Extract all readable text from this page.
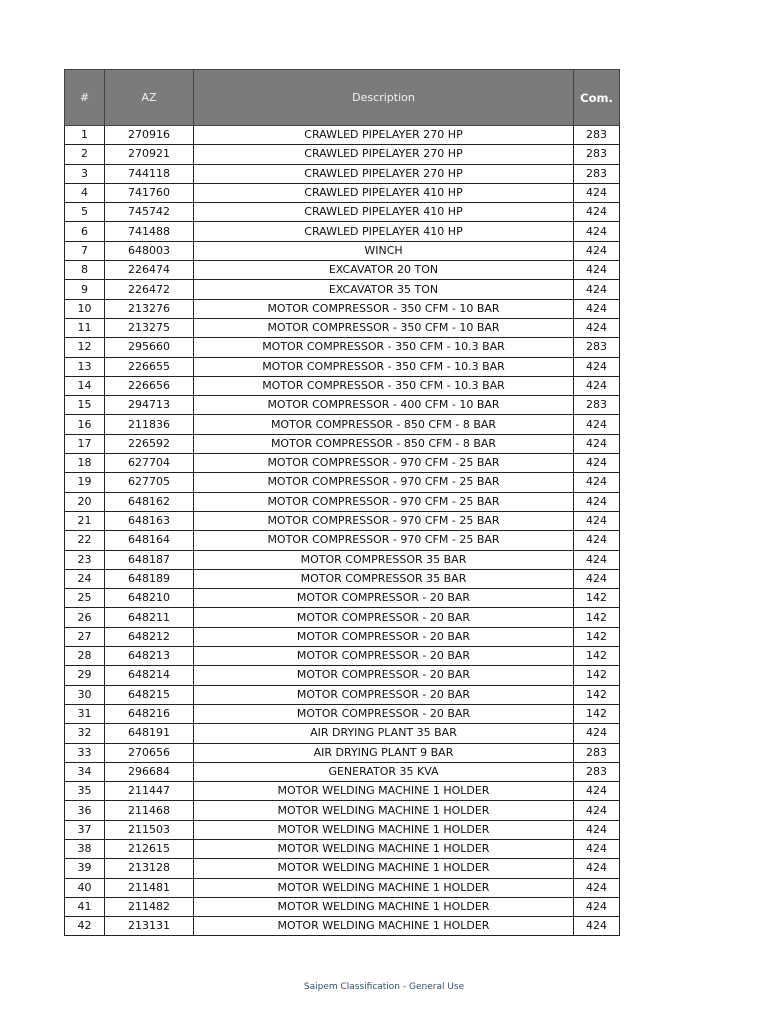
#	AZ	Description	Com.
1	270916	CRAWLED PIPELAYER 270 HP	283
2	270921	CRAWLED PIPELAYER 270 HP	283
3	744118	CRAWLED PIPELAYER 270 HP	283
4	741760	CRAWLED PIPELAYER 410 HP	424
5	745742	CRAWLED PIPELAYER 410 HP	424
6	741488	CRAWLED PIPELAYER 410 HP	424
7	648003	WINCH	424
8	226474	EXCAVATOR 20 TON	424
9	226472	EXCAVATOR 35 TON	424
10	213276	MOTOR COMPRESSOR - 350 CFM - 10 BAR	424
11	213275	MOTOR COMPRESSOR - 350 CFM - 10 BAR	424
12	295660	MOTOR COMPRESSOR - 350 CFM - 10.3 BAR	283
13	226655	MOTOR COMPRESSOR - 350 CFM - 10.3 BAR	424
14	226656	MOTOR COMPRESSOR - 350 CFM - 10.3 BAR	424
15	294713	MOTOR COMPRESSOR - 400 CFM - 10 BAR	283
16	211836	MOTOR COMPRESSOR - 850 CFM - 8 BAR	424
17	226592	MOTOR COMPRESSOR - 850 CFM - 8 BAR	424
18	627704	MOTOR COMPRESSOR - 970 CFM - 25 BAR	424
19	627705	MOTOR COMPRESSOR - 970 CFM - 25 BAR	424
20	648162	MOTOR COMPRESSOR - 970 CFM - 25 BAR	424
21	648163	MOTOR COMPRESSOR - 970 CFM - 25 BAR	424
22	648164	MOTOR COMPRESSOR - 970 CFM - 25 BAR	424
23	648187	MOTOR COMPRESSOR 35 BAR	424
24	648189	MOTOR COMPRESSOR 35 BAR	424
25	648210	MOTOR COMPRESSOR - 20 BAR	142
26	648211	MOTOR COMPRESSOR - 20 BAR	142
27	648212	MOTOR COMPRESSOR - 20 BAR	142
28	648213	MOTOR COMPRESSOR - 20 BAR	142
29	648214	MOTOR COMPRESSOR - 20 BAR	142
30	648215	MOTOR COMPRESSOR - 20 BAR	142
31	648216	MOTOR COMPRESSOR - 20 BAR	142
32	648191	AIR DRYING PLANT 35 BAR	424
33	270656	AIR DRYING PLANT 9 BAR	283
34	296684	GENERATOR 35 KVA	283
35	211447	MOTOR WELDING MACHINE 1 HOLDER	424
36	211468	MOTOR WELDING MACHINE 1 HOLDER	424
37	211503	MOTOR WELDING MACHINE 1 HOLDER	424
38	212615	MOTOR WELDING MACHINE 1 HOLDER	424
39	213128	MOTOR WELDING MACHINE 1 HOLDER	424
40	211481	MOTOR WELDING MACHINE 1 HOLDER	424
41	211482	MOTOR WELDING MACHINE 1 HOLDER	424
42	213131	MOTOR WELDING MACHINE 1 HOLDER	424
Saipem Classification - General Use
